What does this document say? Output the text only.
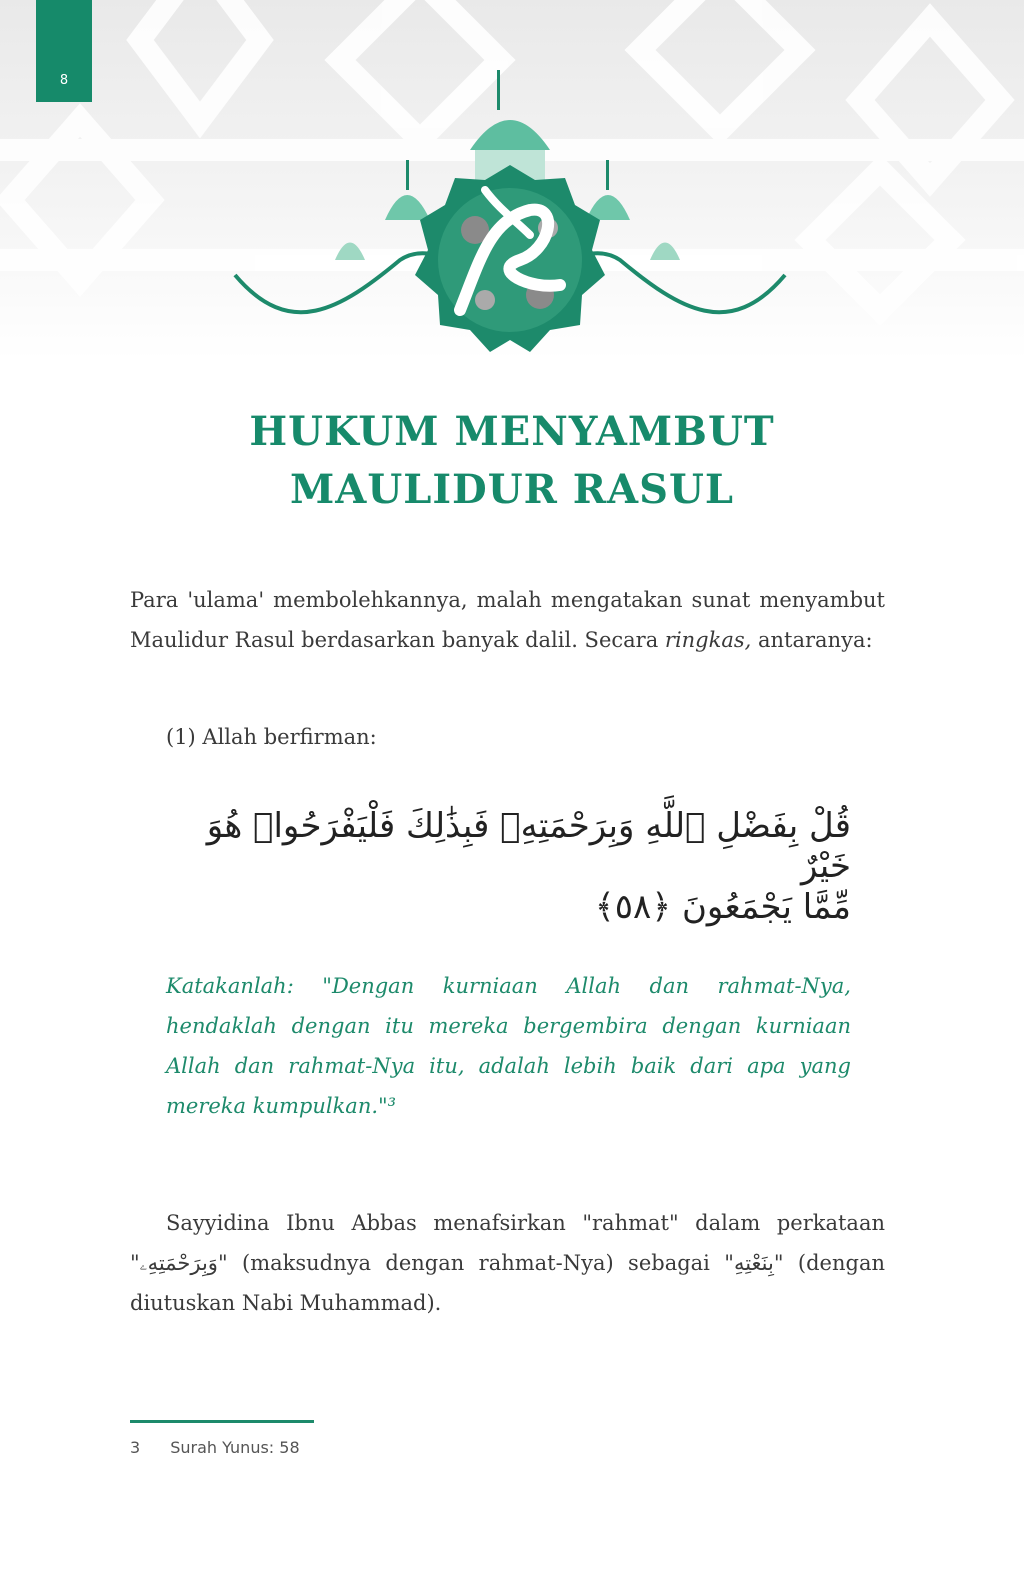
8
HUKUM MENYAMBUT
MAULIDUR RASUL

Para 'ulama' membolehkannya, malah mengatakan sunat menyambut Maulidur Rasul berdasarkan banyak dalil. Secara ringkas, antaranya:

(1) Allah berfirman:

قُلْ بِفَضْلِ ٱللَّهِ وَبِرَحْمَتِهِۦ فَبِذَٰلِكَ فَلْيَفْرَحُوا۟ هُوَ خَيْرٌ

مِّمَّا يَجْمَعُونَ ﴿٥٨﴾

Katakanlah: "Dengan kurniaan Allah dan rahmat-Nya, hendaklah dengan itu mereka bergembira dengan kurniaan Allah dan rahmat-Nya itu, adalah lebih baik dari apa yang mereka kumpulkan."³

Sayyidina Ibnu Abbas menafsirkan "rahmat" dalam perkataan "وَبِرَحْمَتِهِۦ" (maksudnya dengan rahmat-Nya) sebagai "بِنَعْتِهِ" (dengan diutuskan Nabi Muhammad).

3 Surah Yunus: 58
